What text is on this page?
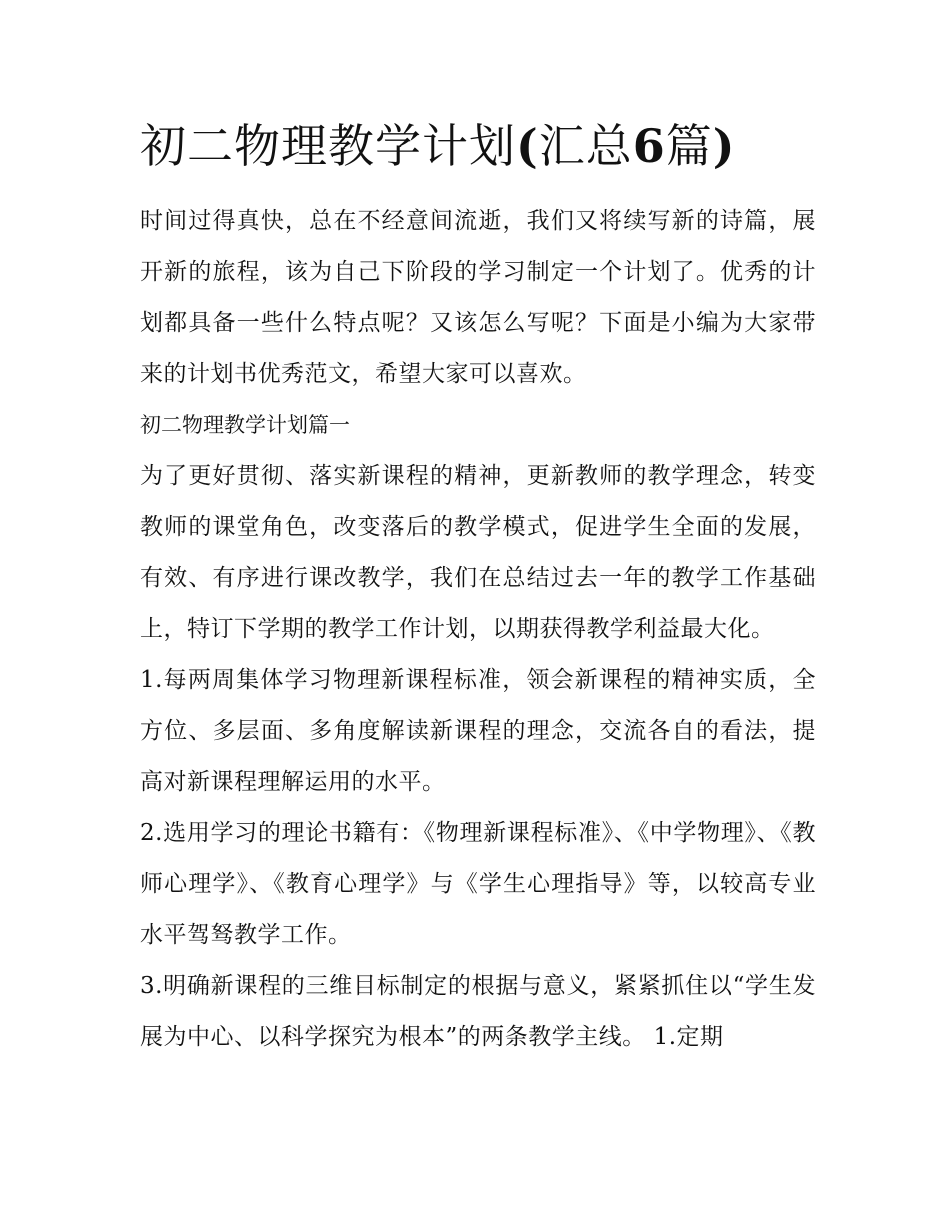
初二物理教学计划(汇总6篇)

时间过得真快，总在不经意间流逝，我们又将续写新的诗篇，展开新的旅程，该为自己下阶段的学习制定一个计划了。优秀的计划都具备一些什么特点呢？又该怎么写呢？下面是小编为大家带来的计划书优秀范文，希望大家可以喜欢。

初二物理教学计划篇一

为了更好贯彻、落实新课程的精神，更新教师的教学理念，转变教师的课堂角色，改变落后的教学模式，促进学生全面的发展，有效、有序进行课改教学，我们在总结过去一年的教学工作基础上，特订下学期的教学工作计划，以期获得教学利益最大化。

1.每两周集体学习物理新课程标准，领会新课程的精神实质，全方位、多层面、多角度解读新课程的理念，交流各自的看法，提高对新课程理解运用的水平。

2.选用学习的理论书籍有：《物理新课程标准》、《中学物理》、《教师心理学》、《教育心理学》与《学生心理指导》等，以较高专业水平驾驽教学工作。

3.明确新课程的三维目标制定的根据与意义，紧紧抓住以“学生发展为中心、以科学探究为根本”的两条教学主线。 1.定期
